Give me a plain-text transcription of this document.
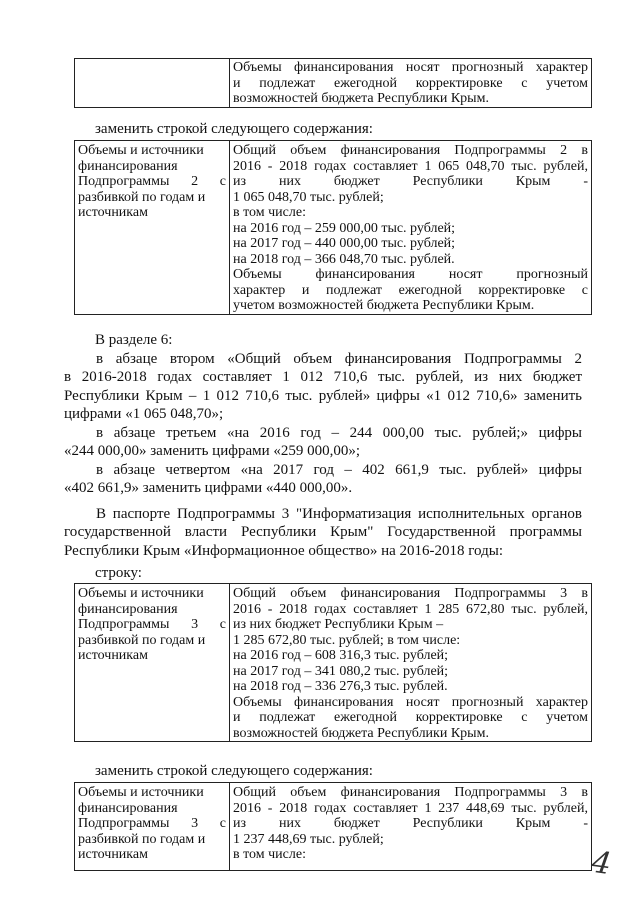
Объемы финансирования носят прогнозный характер
и подлежат ежегодной корректировке с учетом
возможностей бюджета Республики Крым.
заменить строкой следующего содержания:
Объемы и источники
финансирования
Подпрограммы 2 с
разбивкой по годам и
источникам

Общий объем финансирования Подпрограммы 2 в
2016 - 2018 годах составляет 1 065 048,70 тыс. рублей,
из них бюджет Республики Крым -
1 065 048,70 тыс. рублей;
в том числе:
на 2016 год – 259 000,00 тыс. рублей;
на 2017 год – 440 000,00 тыс. рублей;
на 2018 год – 366 048,70 тыс. рублей.
Объемы финансирования носят прогнозный
характер и подлежат ежегодной корректировке с
учетом возможностей бюджета Республики Крым.
В разделе 6:
в абзаце втором «Общий объем финансирования Подпрограммы 2
в 2016-2018 годах составляет 1 012 710,6 тыс. рублей, из них бюджет
Республики Крым – 1 012 710,6 тыс. рублей» цифры «1 012 710,6» заменить
цифрами «1 065 048,70»;
в абзаце третьем «на 2016 год – 244 000,00 тыс. рублей;» цифры
«244 000,00» заменить цифрами «259 000,00»;
в абзаце четвертом «на 2017 год – 402 661,9 тыс. рублей» цифры
«402 661,9» заменить цифрами «440 000,00».
В паспорте Подпрограммы 3 "Информатизация исполнительных органов
государственной власти Республики Крым" Государственной программы
Республики Крым «Информационное общество» на 2016-2018 годы:
строку:
Объемы и источники
финансирования
Подпрограммы 3 с
разбивкой по годам и
источникам

Общий объем финансирования Подпрограммы 3 в
2016 - 2018 годах составляет 1 285 672,80 тыс. рублей,
из них бюджет Республики Крым –
1 285 672,80 тыс. рублей; в том числе:
на 2016 год – 608 316,3 тыс. рублей;
на 2017 год – 341 080,2 тыс. рублей;
на 2018 год – 336 276,3 тыс. рублей.
Объемы финансирования носят прогнозный характер
и подлежат ежегодной корректировке с учетом
возможностей бюджета Республики Крым.
заменить строкой следующего содержания:
Объемы и источники
финансирования
Подпрограммы 3 с
разбивкой по годам и
источникам

Общий объем финансирования Подпрограммы 3 в
2016 - 2018 годах составляет 1 237 448,69 тыс. рублей,
из них бюджет Республики Крым -
1 237 448,69 тыс. рублей;
в том числе:	4
